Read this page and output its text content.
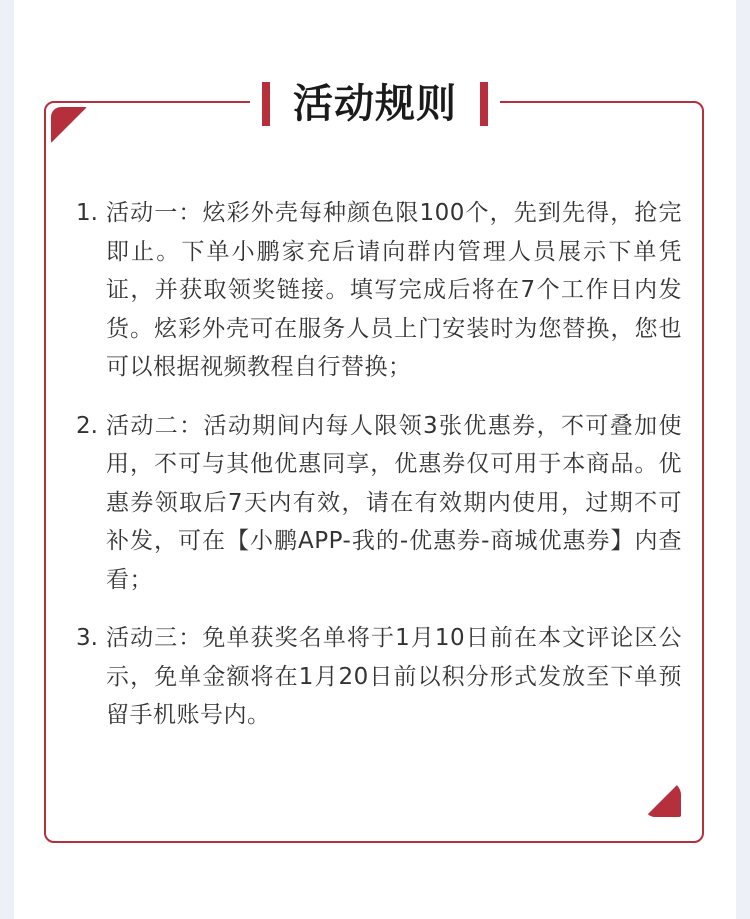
活动规则
1. 活动一：炫彩外壳每种颜色限100个，先到先得，抢完即止。下单小鹏家充后请向群内管理人员展示下单凭证，并获取领奖链接。填写完成后将在7个工作日内发货。炫彩外壳可在服务人员上门安装时为您替换，您也可以根据视频教程自行替换；
2. 活动二：活动期间内每人限领3张优惠券，不可叠加使用，不可与其他优惠同享，优惠券仅可用于本商品。优惠券领取后7天内有效，请在有效期内使用，过期不可补发，可在【小鹏APP-我的-优惠券-商城优惠券】内查看；
3. 活动三：免单获奖名单将于1月10日前在本文评论区公示，免单金额将在1月20日前以积分形式发放至下单预留手机账号内。
